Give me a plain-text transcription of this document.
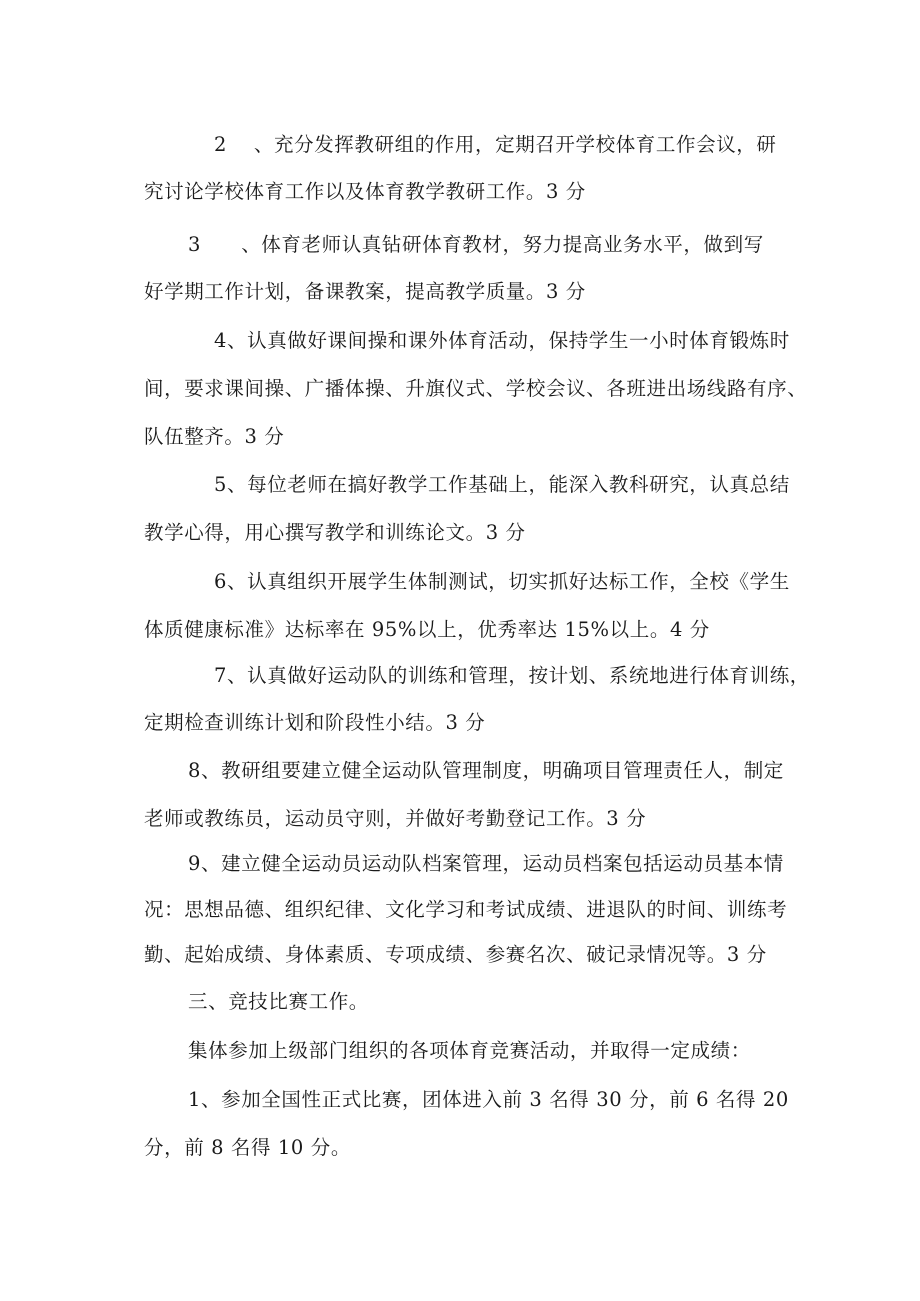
2　 、充分发挥教研组的作用，定期召开学校体育工作会议，研
究讨论学校体育工作以及体育教学教研工作。3 分
3　　、体育老师认真钻研体育教材，努力提高业务水平，做到写
好学期工作计划，备课教案，提高教学质量。3 分
4、认真做好课间操和课外体育活动，保持学生一小时体育锻炼时
间，要求课间操、广播体操、升旗仪式、学校会议、各班进出场线路有序、
队伍整齐。3 分
5、每位老师在搞好教学工作基础上，能深入教科研究，认真总结
教学心得，用心撰写教学和训练论文。3 分
6、认真组织开展学生体制测试，切实抓好达标工作，全校《学生
体质健康标准》达标率在 95%以上，优秀率达 15%以上。4 分
7、认真做好运动队的训练和管理，按计划、系统地进行体育训练，
定期检查训练计划和阶段性小结。3 分
8、教研组要建立健全运动队管理制度，明确项目管理责任人，制定
老师或教练员，运动员守则，并做好考勤登记工作。3 分
9、建立健全运动员运动队档案管理，运动员档案包括运动员基本情
况：思想品德、组织纪律、文化学习和考试成绩、进退队的时间、训练考
勤、起始成绩、身体素质、专项成绩、参赛名次、破记录情况等。3 分
三、竞技比赛工作。
集体参加上级部门组织的各项体育竞赛活动，并取得一定成绩：
1、参加全国性正式比赛，团体进入前 3 名得 30 分，前 6 名得 20
分，前 8 名得 10 分。
